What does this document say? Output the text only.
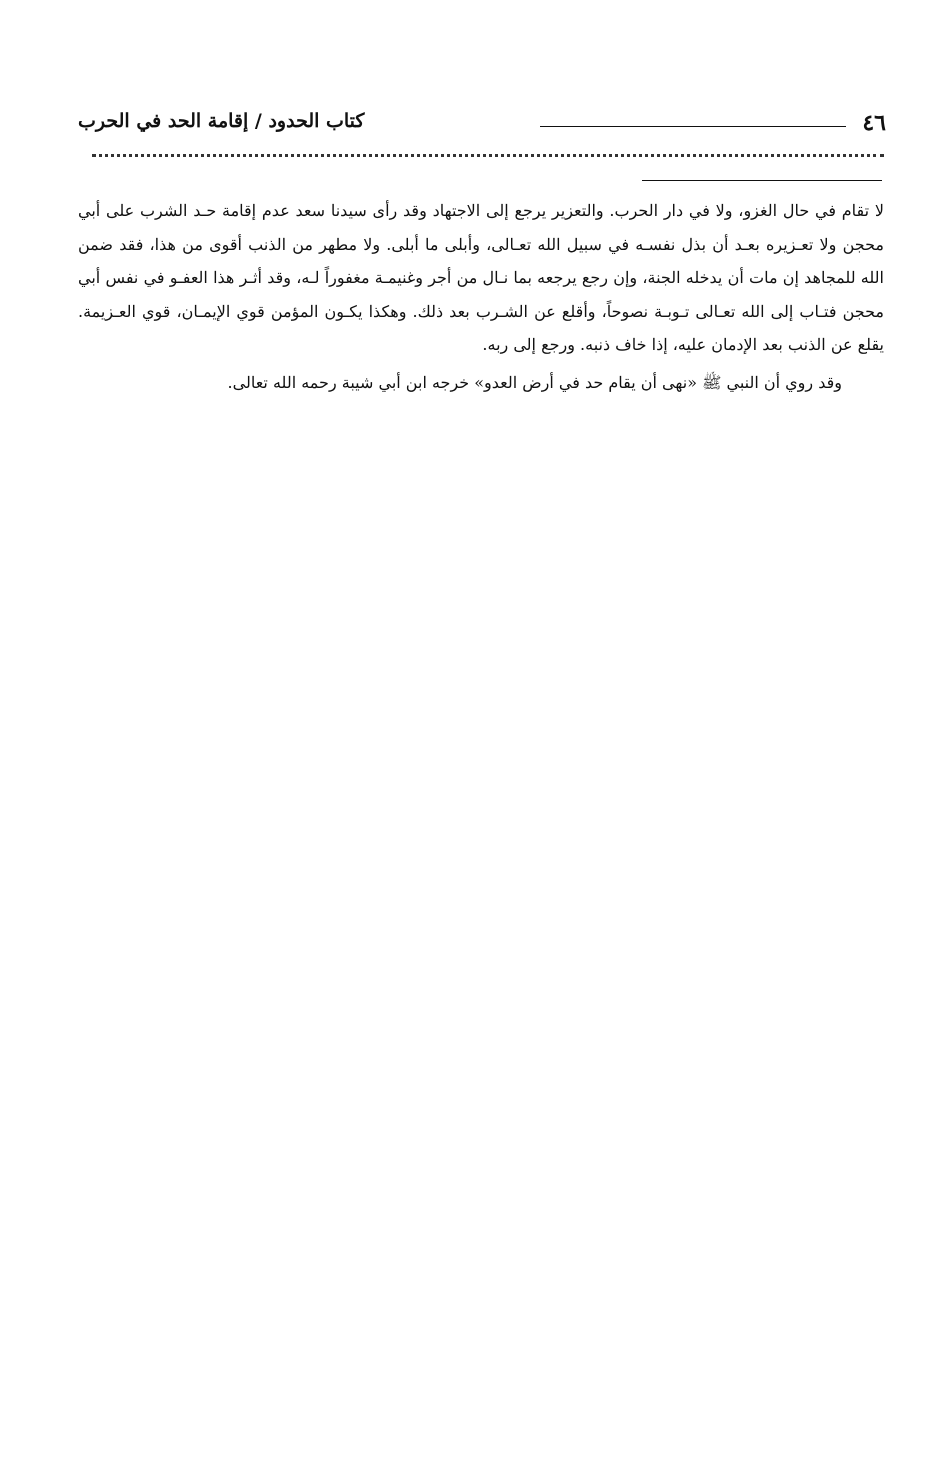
٤٦
كتاب الحدود / إقامة الحد في الحرب

لا تقام في حال الغزو، ولا في دار الحرب. والتعزير يرجع إلى الاجتهاد وقد رأى سيدنا سعد عدم إقامة حـد الشرب على أبي محجن ولا تعـزيره بعـد أن بذل نفسـه في سبيل الله تعـالى، وأبلى ما أبلى. ولا مطهر من الذنب أقوى من هذا، فقد ضمن الله للمجاهد إن مات أن يدخله الجنة، وإن رجع يرجعه بما نـال من أجر وغنيمـة مغفوراً لـه، وقد أثـر هذا العفـو في نفس أبي محجن فتـاب إلى الله تعـالى تـوبـة نصوحاً، وأقلع عن الشـرب بعد ذلك. وهكذا يكـون المؤمن قوي الإيمـان، قوي العـزيمة. يقلع عن الذنب بعد الإدمان عليه، إذا خاف ذنبه. ورجع إلى ربه.

وقد روي أن النبي ﷺ «نهى أن يقام حد في أرض العدو» خرجه ابن أبي شيبة رحمه الله تعالى.
